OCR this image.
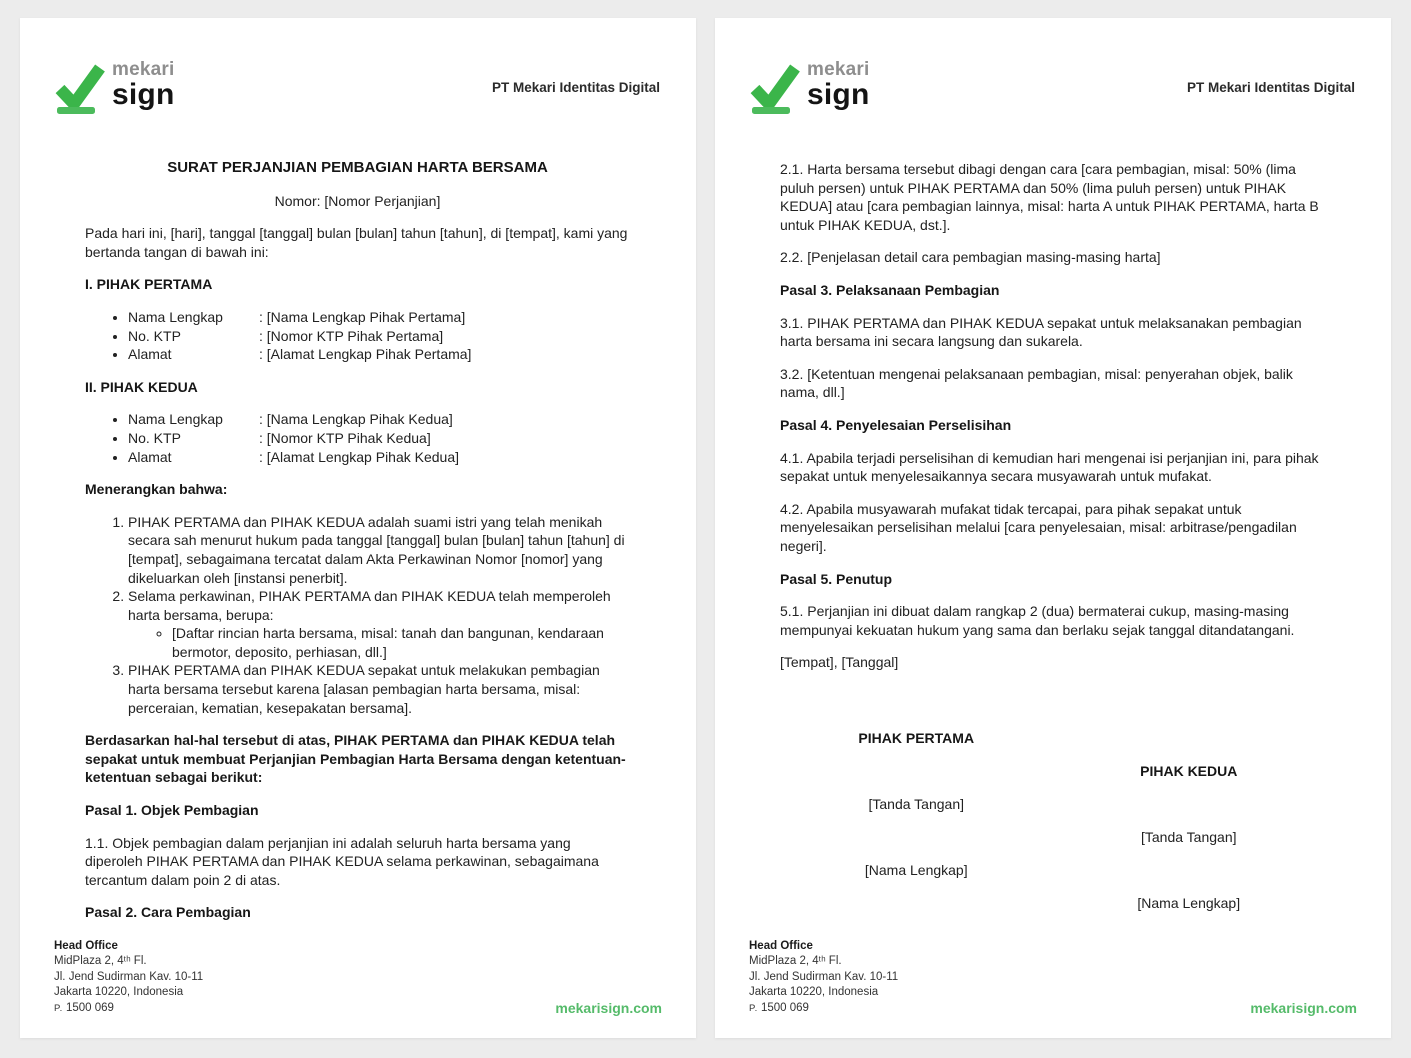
mekari
sign	PT Mekari Identitas Digital
SURAT PERJANJIAN PEMBAGIAN HARTA BERSAMA
Nomor: [Nomor Perjanjian]

Pada hari ini, [hari], tanggal [tanggal] bulan [bulan] tahun [tahun], di [tempat], kami yang bertanda tangan di bawah ini:

I. PIHAK PERTAMA
• Nama Lengkap	: [Nama Lengkap Pihak Pertama]
• No. KTP	: [Nomor KTP Pihak Pertama]
• Alamat	: [Alamat Lengkap Pihak Pertama]
II. PIHAK KEDUA
• Nama Lengkap	: [Nama Lengkap Pihak Kedua]
• No. KTP	: [Nomor KTP Pihak Kedua]
• Alamat	: [Alamat Lengkap Pihak Kedua]
Menerangkan bahwa:
1. PIHAK PERTAMA dan PIHAK KEDUA adalah suami istri yang telah menikah secara sah menurut hukum pada tanggal [tanggal] bulan [bulan] tahun [tahun] di [tempat], sebagaimana tercatat dalam Akta Perkawinan Nomor [nomor] yang dikeluarkan oleh [instansi penerbit].
2. Selama perkawinan, PIHAK PERTAMA dan PIHAK KEDUA telah memperoleh harta bersama, berupa:
◦ [Daftar rincian harta bersama, misal: tanah dan bangunan, kendaraan bermotor, deposito, perhiasan, dll.]
3. PIHAK PERTAMA dan PIHAK KEDUA sepakat untuk melakukan pembagian harta bersama tersebut karena [alasan pembagian harta bersama, misal: perceraian, kematian, kesepakatan bersama].

Berdasarkan hal-hal tersebut di atas, PIHAK PERTAMA dan PIHAK KEDUA telah sepakat untuk membuat Perjanjian Pembagian Harta Bersama dengan ketentuan-ketentuan sebagai berikut:

Pasal 1. Objek Pembagian

1.1. Objek pembagian dalam perjanjian ini adalah seluruh harta bersama yang diperoleh PIHAK PERTAMA dan PIHAK KEDUA selama perkawinan, sebagaimana tercantum dalam poin 2 di atas.

Pasal 2. Cara Pembagian
Head Office
MidPlaza 2, 4ᵗʰ Fl.
Jl. Jend Sudirman Kav. 10-11
Jakarta 10220, Indonesia
P. 1500 069	mekarisign.com
mekari
sign	PT Mekari Identitas Digital

2.1. Harta bersama tersebut dibagi dengan cara [cara pembagian, misal: 50% (lima puluh persen) untuk PIHAK PERTAMA dan 50% (lima puluh persen) untuk PIHAK KEDUA] atau [cara pembagian lainnya, misal: harta A untuk PIHAK PERTAMA, harta B untuk PIHAK KEDUA, dst.].

2.2. [Penjelasan detail cara pembagian masing-masing harta]

Pasal 3. Pelaksanaan Pembagian

3.1. PIHAK PERTAMA dan PIHAK KEDUA sepakat untuk melaksanakan pembagian harta bersama ini secara langsung dan sukarela.

3.2. [Ketentuan mengenai pelaksanaan pembagian, misal: penyerahan objek, balik nama, dll.]

Pasal 4. Penyelesaian Perselisihan

4.1. Apabila terjadi perselisihan di kemudian hari mengenai isi perjanjian ini, para pihak sepakat untuk menyelesaikannya secara musyawarah untuk mufakat.

4.2. Apabila musyawarah mufakat tidak tercapai, para pihak sepakat untuk menyelesaikan perselisihan melalui [cara penyelesaian, misal: arbitrase/pengadilan negeri].

Pasal 5. Penutup

5.1. Perjanjian ini dibuat dalam rangkap 2 (dua) bermaterai cukup, masing-masing mempunyai kekuatan hukum yang sama dan berlaku sejak tanggal ditandatangani.

[Tempat], [Tanggal]

PIHAK PERTAMA
PIHAK KEDUA
[Tanda Tangan]
[Tanda Tangan]
[Nama Lengkap]
[Nama Lengkap]
Head Office
MidPlaza 2, 4ᵗʰ Fl.
Jl. Jend Sudirman Kav. 10-11
Jakarta 10220, Indonesia
P. 1500 069	mekarisign.com
